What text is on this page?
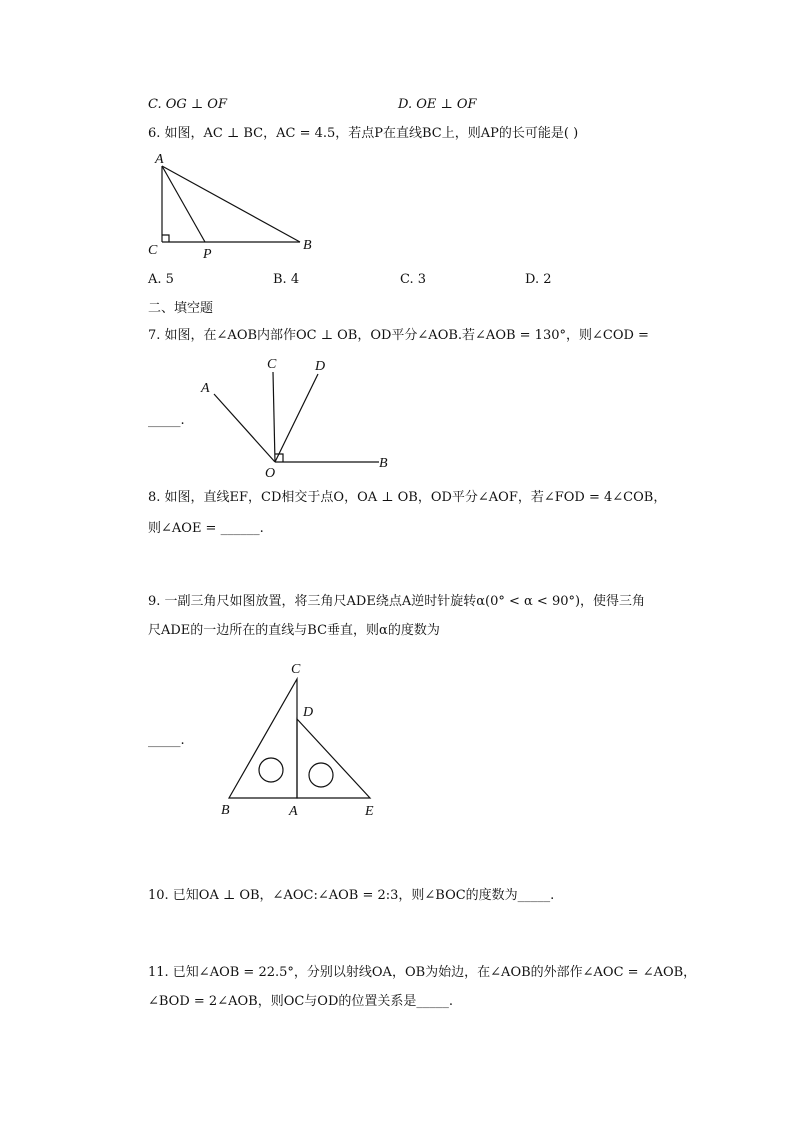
C. OG ⊥ OF	D. OE ⊥ OF
6. 如图，AC ⊥ BC，AC = 4.5，若点P在直线BC上，则AP的长可能是( )
A
C	P
B
A. 5	B. 4	C. 3	D. 2
二、填空题
7. 如图，在∠AOB内部作OC ⊥ OB，OD平分∠AOB.若∠AOB = 130°，则∠COD =
_____.
A
C	D
O
B
8. 如图，直线EF，CD相交于点O，OA ⊥ OB，OD平分∠AOF，若∠FOD = 4∠COB，
则∠AOE = ______.
9. 一副三角尺如图放置，将三角尺ADE绕点A逆时针旋转α(0° < α < 90°)，使得三角
尺ADE的一边所在的直线与BC垂直，则α的度数为
_____.
C
D
B	A	E
10. 已知OA ⊥ OB，∠AOC:∠AOB = 2:3，则∠BOC的度数为_____.
11. 已知∠AOB = 22.5°，分别以射线OA，OB为始边，在∠AOB的外部作∠AOC = ∠AOB，
∠BOD = 2∠AOB，则OC与OD的位置关系是_____.
